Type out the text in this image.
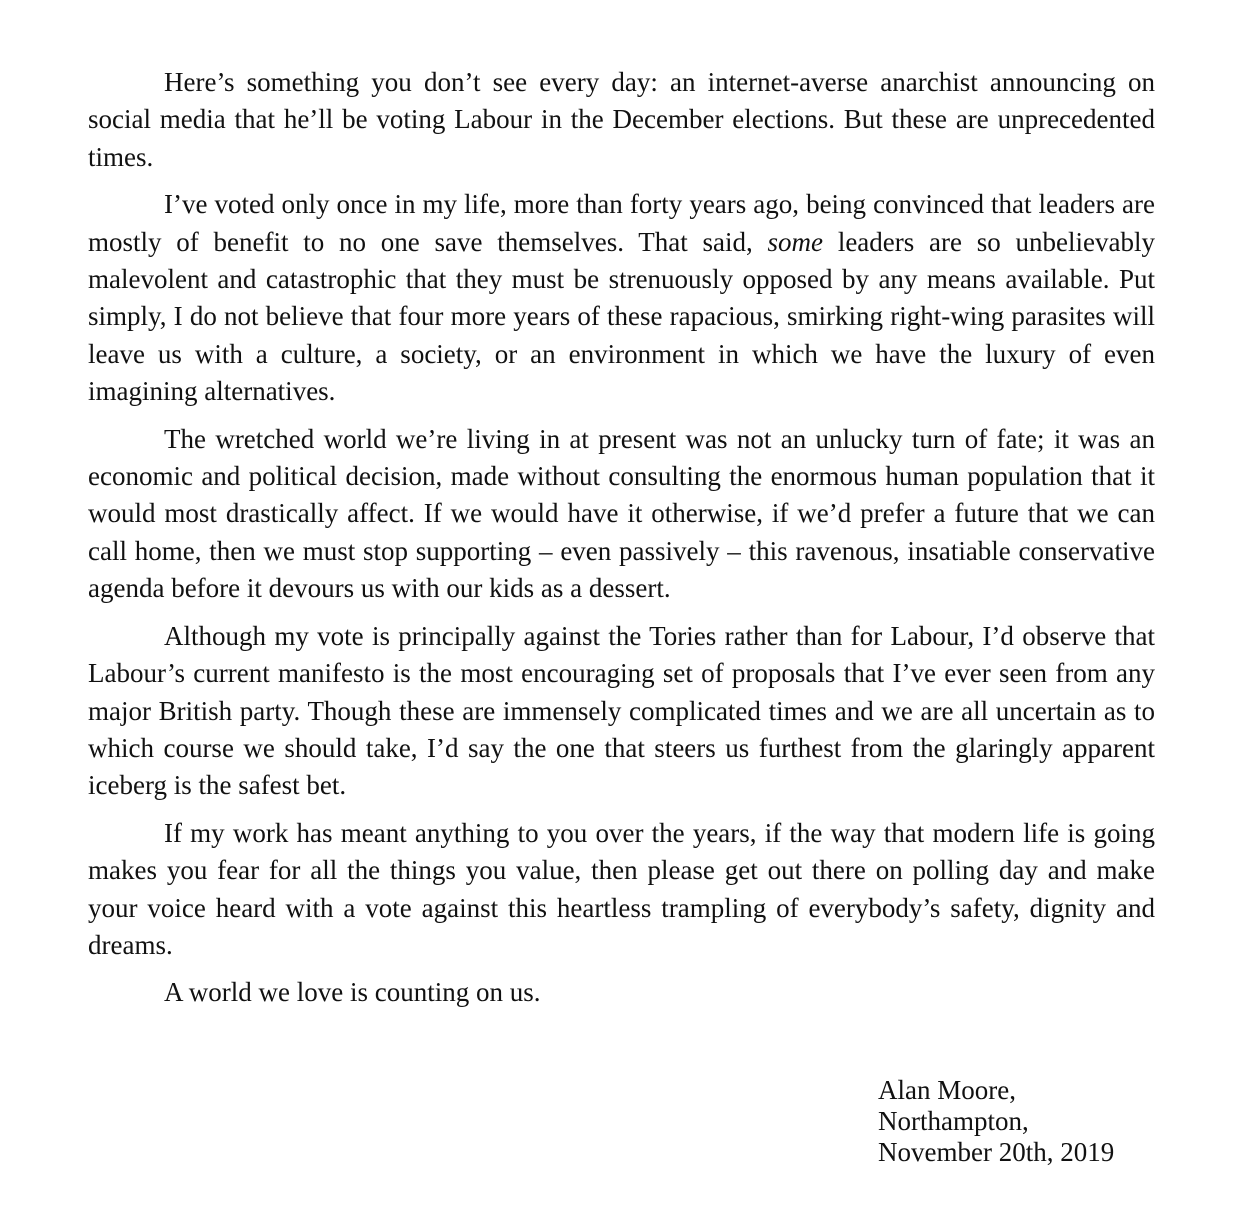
Here’s something you don’t see every day: an internet-averse anarchist announcing on social media that he’ll be voting Labour in the December elections. But these are unprecedented times.

I’ve voted only once in my life, more than forty years ago, being convinced that leaders are mostly of benefit to no one save themselves. That said, some leaders are so unbelievably malevolent and catastrophic that they must be strenuously opposed by any means available. Put simply, I do not believe that four more years of these rapacious, smirking right-wing parasites will leave us with a culture, a society, or an environment in which we have the luxury of even imagining alternatives.

The wretched world we’re living in at present was not an unlucky turn of fate; it was an economic and political decision, made without consulting the enormous human population that it would most drastically affect. If we would have it otherwise, if we’d prefer a future that we can call home, then we must stop supporting – even passively – this ravenous, insatiable conservative agenda before it devours us with our kids as a dessert.

Although my vote is principally against the Tories rather than for Labour, I’d observe that Labour’s current manifesto is the most encouraging set of proposals that I’ve ever seen from any major British party. Though these are immensely complicated times and we are all uncertain as to which course we should take, I’d say the one that steers us furthest from the glaringly apparent iceberg is the safest bet.

If my work has meant anything to you over the years, if the way that modern life is going makes you fear for all the things you value, then please get out there on polling day and make your voice heard with a vote against this heartless trampling of everybody’s safety, dignity and dreams.

A world we love is counting on us.

Alan Moore,
Northampton,
November 20th, 2019
